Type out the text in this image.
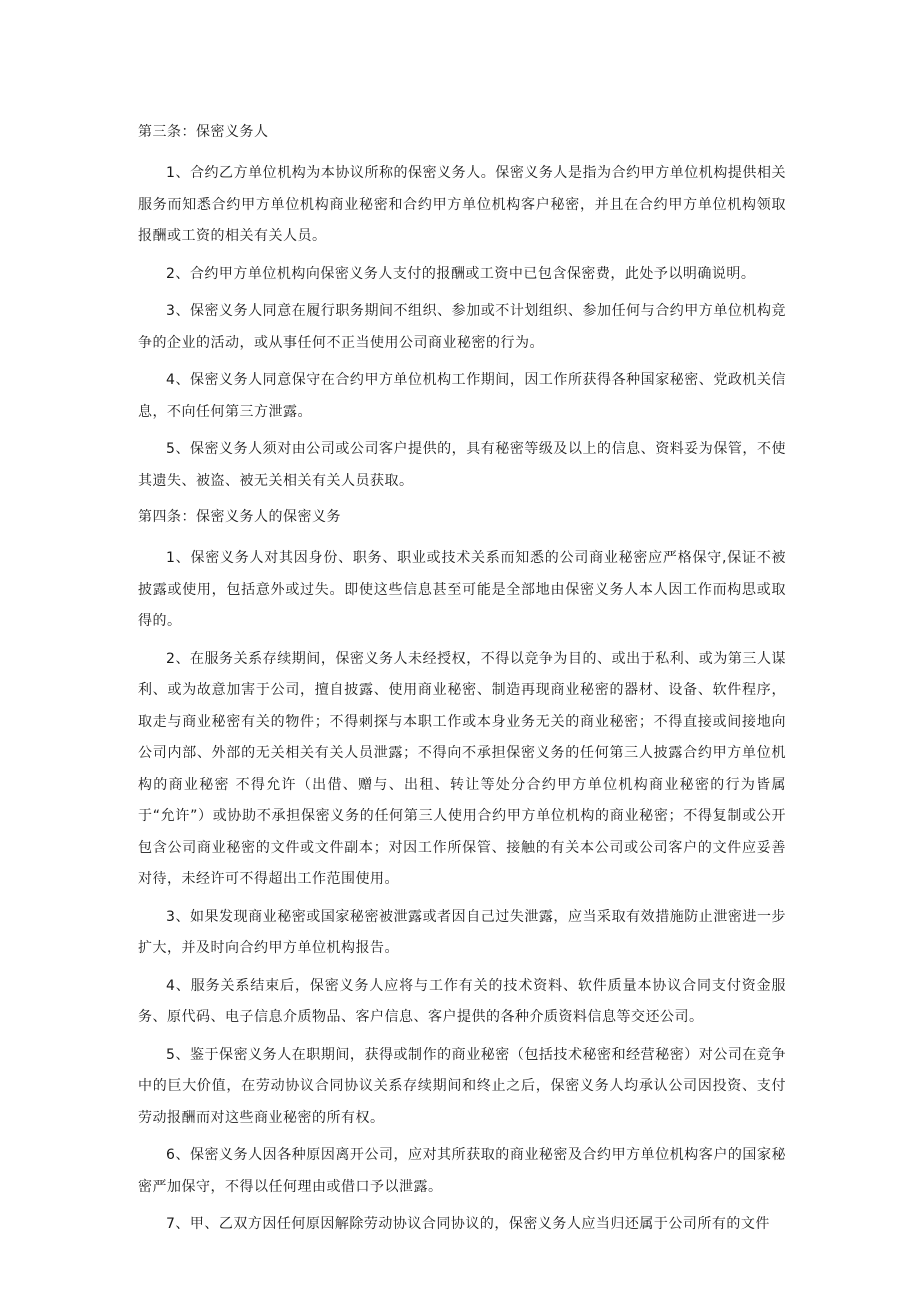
第三条：保密义务人

1、合约乙方单位机构为本协议所称的保密义务人。保密义务人是指为合约甲方单位机构提供相关服务而知悉合约甲方单位机构商业秘密和合约甲方单位机构客户秘密，并且在合约甲方单位机构领取报酬或工资的相关有关人员。

2、合约甲方单位机构向保密义务人支付的报酬或工资中已包含保密费，此处予以明确说明。

3、保密义务人同意在履行职务期间不组织、参加或不计划组织、参加任何与合约甲方单位机构竞争的企业的活动，或从事任何不正当使用公司商业秘密的行为。

4、保密义务人同意保守在合约甲方单位机构工作期间，因工作所获得各种国家秘密、党政机关信息，不向任何第三方泄露。

5、保密义务人须对由公司或公司客户提供的，具有秘密等级及以上的信息、资料妥为保管，不使其遗失、被盗、被无关相关有关人员获取。

第四条：保密义务人的保密义务

1、保密义务人对其因身份、职务、职业或技术关系而知悉的公司商业秘密应严格保守,保证不被披露或使用，包括意外或过失。即使这些信息甚至可能是全部地由保密义务人本人因工作而构思或取得的。

2、在服务关系存续期间，保密义务人未经授权，不得以竞争为目的、或出于私利、或为第三人谋利、或为故意加害于公司，擅自披露、使用商业秘密、制造再现商业秘密的器材、设备、软件程序，取走与商业秘密有关的物件；不得刺探与本职工作或本身业务无关的商业秘密；不得直接或间接地向公司内部、外部的无关相关有关人员泄露；不得向不承担保密义务的任何第三人披露合约甲方单位机构的商业秘密 不得允许（出借、赠与、出租、转让等处分合约甲方单位机构商业秘密的行为皆属于“允许”）或协助不承担保密义务的任何第三人使用合约甲方单位机构的商业秘密；不得复制或公开包含公司商业秘密的文件或文件副本；对因工作所保管、接触的有关本公司或公司客户的文件应妥善对待，未经许可不得超出工作范围使用。

3、如果发现商业秘密或国家秘密被泄露或者因自己过失泄露，应当采取有效措施防止泄密进一步扩大，并及时向合约甲方单位机构报告。

4、服务关系结束后，保密义务人应将与工作有关的技术资料、软件质量本协议合同支付资金服务、原代码、电子信息介质物品、客户信息、客户提供的各种介质资料信息等交还公司。

5、鉴于保密义务人在职期间，获得或制作的商业秘密（包括技术秘密和经营秘密）对公司在竞争中的巨大价值，在劳动协议合同协议关系存续期间和终止之后，保密义务人均承认公司因投资、支付劳动报酬而对这些商业秘密的所有权。

6、保密义务人因各种原因离开公司，应对其所获取的商业秘密及合约甲方单位机构客户的国家秘密严加保守，不得以任何理由或借口予以泄露。

7、甲、乙双方因任何原因解除劳动协议合同协议的，保密义务人应当归还属于公司所有的文件
